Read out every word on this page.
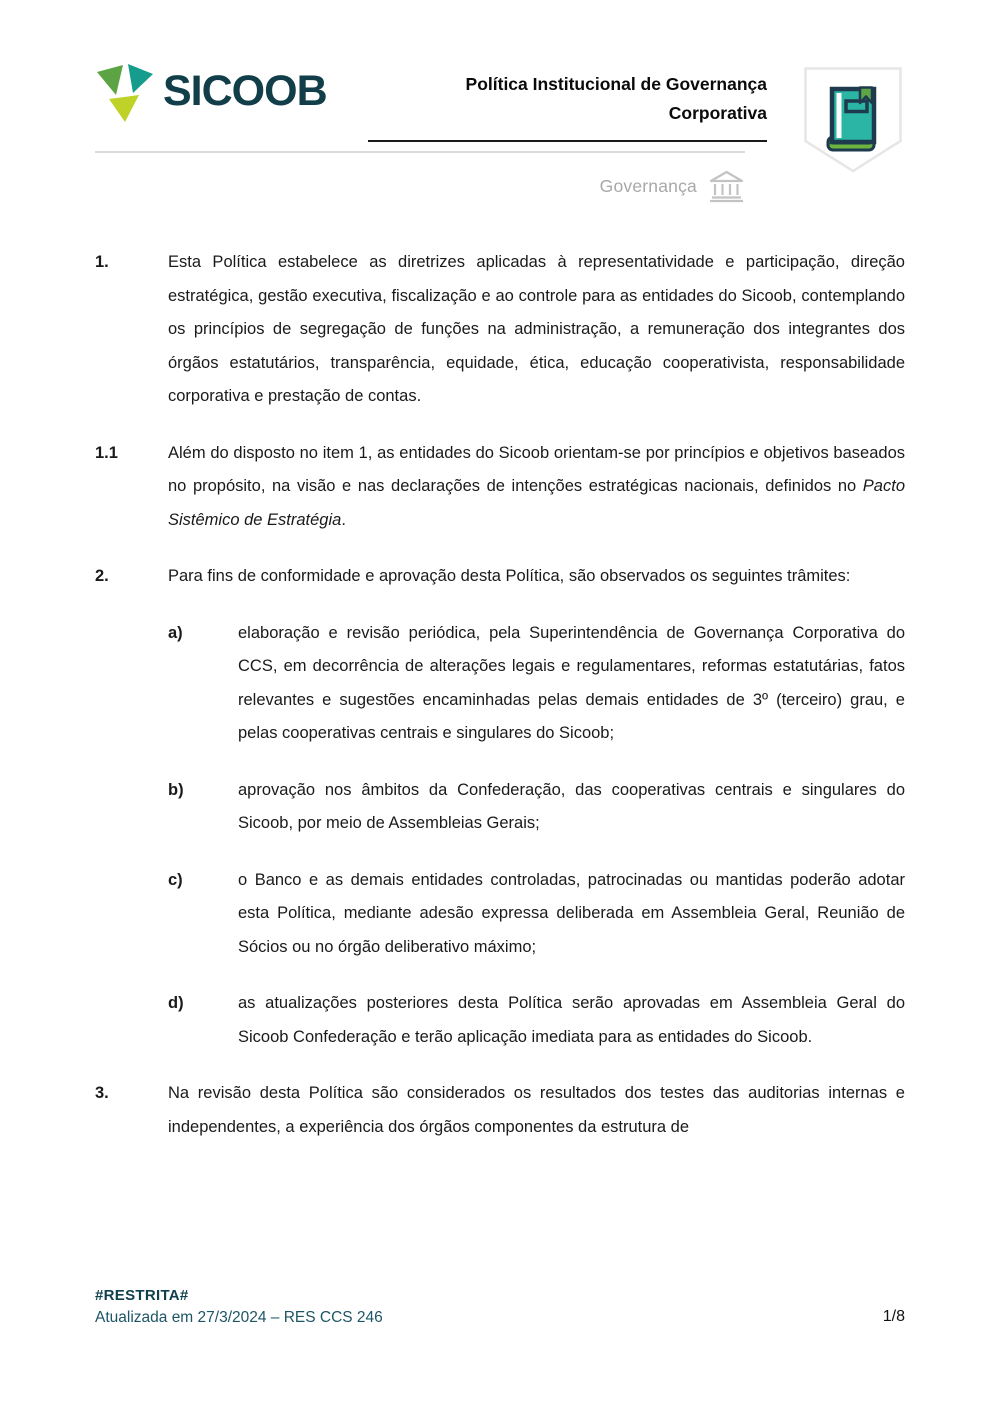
SICOOB	Política Institucional de Governança
Corporativa
Governança
1.	Esta Política estabelece as diretrizes aplicadas à representatividade e participação, direção estratégica, gestão executiva, fiscalização e ao controle para as entidades do Sicoob, contemplando os princípios de segregação de funções na administração, a remuneração dos integrantes dos órgãos estatutários, transparência, equidade, ética, educação cooperativista, responsabilidade corporativa e prestação de contas.

1.1	Além do disposto no item 1, as entidades do Sicoob orientam-se por princípios e objetivos baseados no propósito, na visão e nas declarações de intenções estratégicas nacionais, definidos no Pacto Sistêmico de Estratégia.

2.	Para fins de conformidade e aprovação desta Política, são observados os seguintes trâmites:

a)	elaboração e revisão periódica, pela Superintendência de Governança Corporativa do CCS, em decorrência de alterações legais e regulamentares, reformas estatutárias, fatos relevantes e sugestões encaminhadas pelas demais entidades de 3º (terceiro) grau, e pelas cooperativas centrais e singulares do Sicoob;

b)	aprovação nos âmbitos da Confederação, das cooperativas centrais e singulares do Sicoob, por meio de Assembleias Gerais;

c)	o Banco e as demais entidades controladas, patrocinadas ou mantidas poderão adotar esta Política, mediante adesão expressa deliberada em Assembleia Geral, Reunião de Sócios ou no órgão deliberativo máximo;

d)	as atualizações posteriores desta Política serão aprovadas em Assembleia Geral do Sicoob Confederação e terão aplicação imediata para as entidades do Sicoob.

3.	Na revisão desta Política são considerados os resultados dos testes das auditorias internas e independentes, a experiência dos órgãos componentes da estrutura de

#RESTRITA#
Atualizada em 27/3/2024 – RES CCS 246	1/8
